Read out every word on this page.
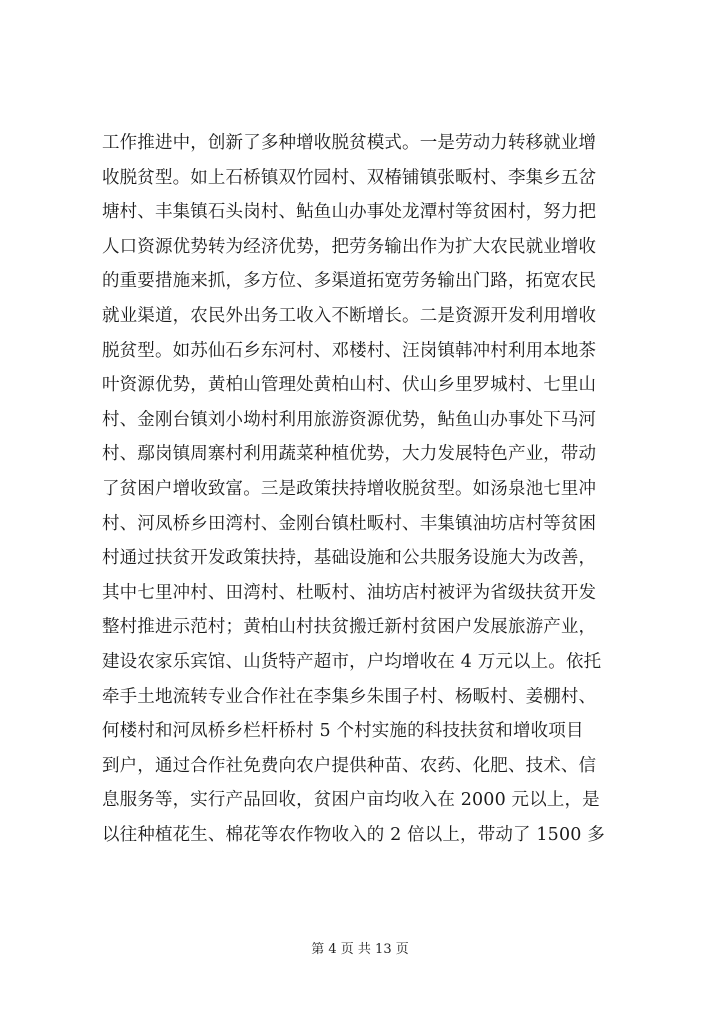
工作推进中，创新了多种增收脱贫模式。一是劳动力转移就业增
收脱贫型。如上石桥镇双竹园村、双椿铺镇张畈村、李集乡五岔
塘村、丰集镇石头岗村、鲇鱼山办事处龙潭村等贫困村，努力把
人口资源优势转为经济优势，把劳务输出作为扩大农民就业增收
的重要措施来抓，多方位、多渠道拓宽劳务输出门路，拓宽农民
就业渠道，农民外出务工收入不断增长。二是资源开发利用增收
脱贫型。如苏仙石乡东河村、邓楼村、汪岗镇韩冲村利用本地茶
叶资源优势，黄柏山管理处黄柏山村、伏山乡里罗城村、七里山
村、金刚台镇刘小坳村利用旅游资源优势，鲇鱼山办事处下马河
村、鄢岗镇周寨村利用蔬菜种植优势，大力发展特色产业，带动
了贫困户增收致富。三是政策扶持增收脱贫型。如汤泉池七里冲
村、河凤桥乡田湾村、金刚台镇杜畈村、丰集镇油坊店村等贫困
村通过扶贫开发政策扶持，基础设施和公共服务设施大为改善，
其中七里冲村、田湾村、杜畈村、油坊店村被评为省级扶贫开发
整村推进示范村；黄柏山村扶贫搬迁新村贫困户发展旅游产业，
建设农家乐宾馆、山货特产超市，户均增收在 4 万元以上。依托
牵手土地流转专业合作社在李集乡朱围子村、杨畈村、姜棚村、
何楼村和河凤桥乡栏杆桥村 5 个村实施的科技扶贫和增收项目
到户，通过合作社免费向农户提供种苗、农药、化肥、技术、信
息服务等，实行产品回收，贫困户亩均收入在 2000 元以上，是
以往种植花生、棉花等农作物收入的 2 倍以上，带动了 1500 多
第 4 页 共 13 页
